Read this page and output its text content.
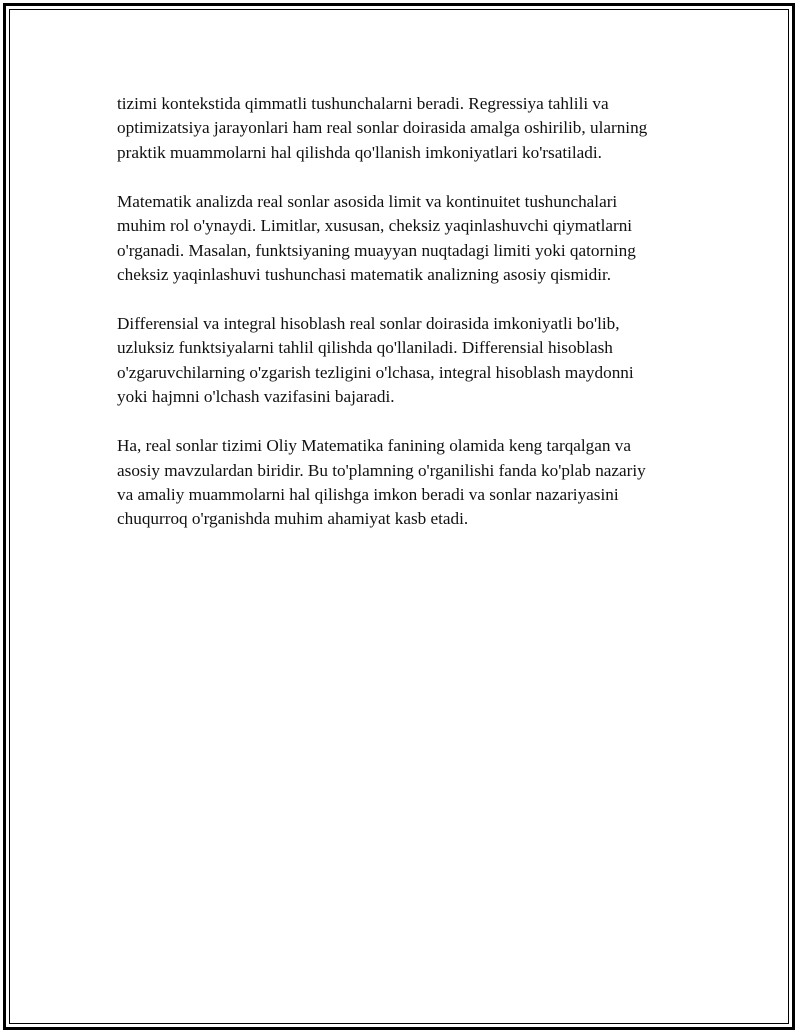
tizimi kontekstida qimmatli tushunchalarni beradi. Regressiya tahlili va
optimizatsiya jarayonlari ham real sonlar doirasida amalga oshirilib, ularning
praktik muammolarni hal qilishda qo'llanish imkoniyatlari ko'rsatiladi.

Matematik analizda real sonlar asosida limit va kontinuitet tushunchalari
muhim rol o'ynaydi. Limitlar, xususan, cheksiz yaqinlashuvchi qiymatlarni
o'rganadi. Masalan, funktsiyaning muayyan nuqtadagi limiti yoki qatorning
cheksiz yaqinlashuvi tushunchasi matematik analizning asosiy qismidir.

Differensial va integral hisoblash real sonlar doirasida imkoniyatli bo'lib,
uzluksiz funktsiyalarni tahlil qilishda qo'llaniladi. Differensial hisoblash
o'zgaruvchilarning o'zgarish tezligini o'lchasa, integral hisoblash maydonni
yoki hajmni o'lchash vazifasini bajaradi.

Ha, real sonlar tizimi Oliy Matematika fanining olamida keng tarqalgan va
asosiy mavzulardan biridir. Bu to'plamning o'rganilishi fanda ko'plab nazariy
va amaliy muammolarni hal qilishga imkon beradi va sonlar nazariyasini
chuqurroq o'rganishda muhim ahamiyat kasb etadi.
